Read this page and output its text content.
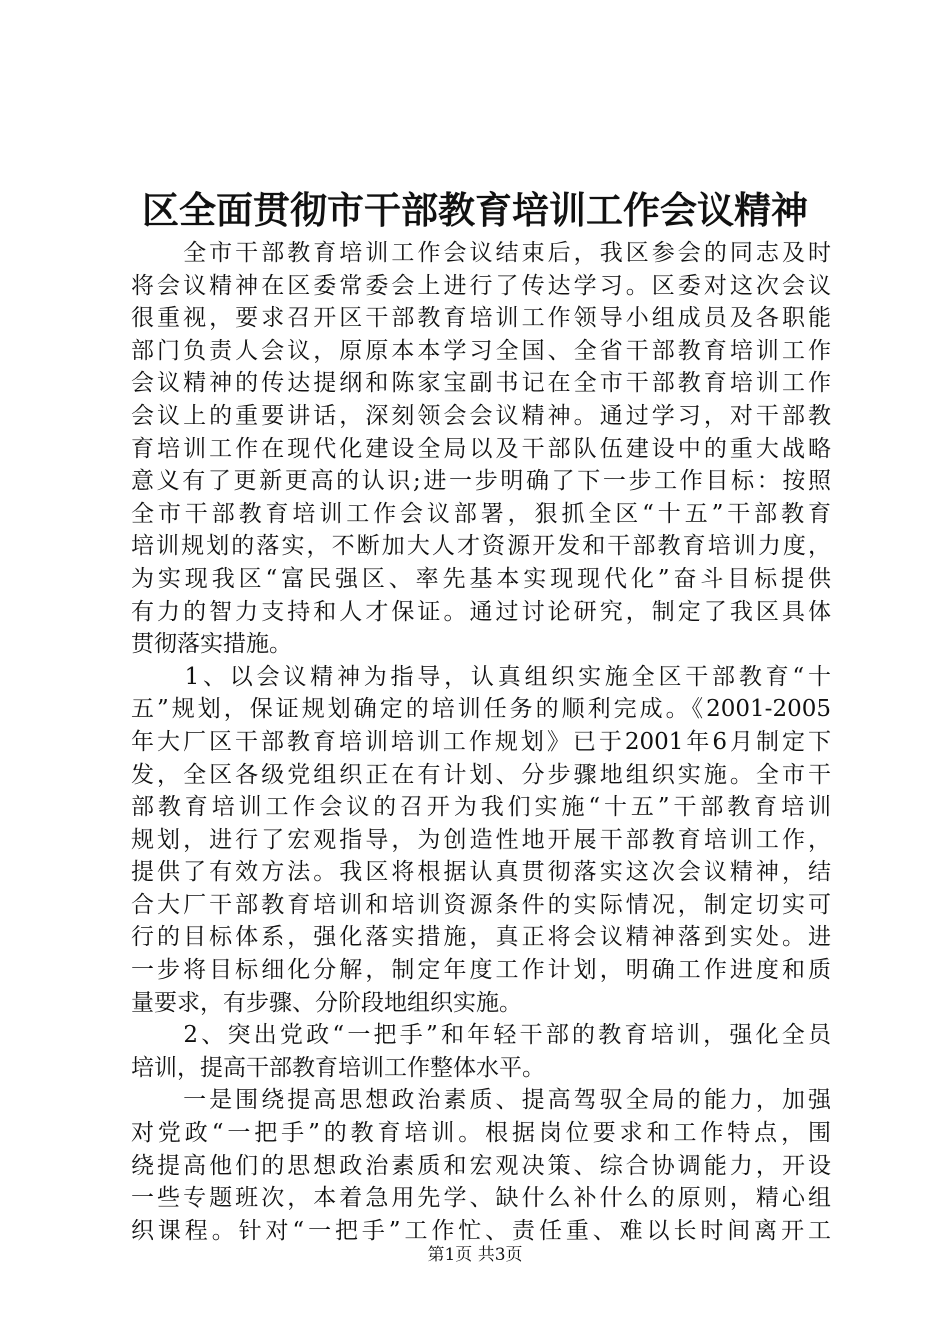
区全面贯彻市干部教育培训工作会议精神
　　全市干部教育培训工作会议结束后，我区参会的同志及时
将会议精神在区委常委会上进行了传达学习。区委对这次会议
很重视，要求召开区干部教育培训工作领导小组成员及各职能
部门负责人会议，原原本本学习全国、全省干部教育培训工作
会议精神的传达提纲和陈家宝副书记在全市干部教育培训工作
会议上的重要讲话，深刻领会会议精神。通过学习，对干部教
育培训工作在现代化建设全局以及干部队伍建设中的重大战略
意义有了更新更高的认识;进一步明确了下一步工作目标：按照
全市干部教育培训工作会议部署，狠抓全区“十五”干部教育
培训规划的落实，不断加大人才资源开发和干部教育培训力度，
为实现我区“富民强区、率先基本实现现代化”奋斗目标提供
有力的智力支持和人才保证。通过讨论研究，制定了我区具体
贯彻落实措施。
　　1、以会议精神为指导，认真组织实施全区干部教育“十
五”规划，保证规划确定的培训任务的顺利完成。《2001-2005
年大厂区干部教育培训培训工作规划》已于2001年6月制定下
发，全区各级党组织正在有计划、分步骤地组织实施。全市干
部教育培训工作会议的召开为我们实施“十五”干部教育培训
规划，进行了宏观指导，为创造性地开展干部教育培训工作，
提供了有效方法。我区将根据认真贯彻落实这次会议精神，结
合大厂干部教育培训和培训资源条件的实际情况，制定切实可
行的目标体系，强化落实措施，真正将会议精神落到实处。进
一步将目标细化分解，制定年度工作计划，明确工作进度和质
量要求，有步骤、分阶段地组织实施。
　　2、突出党政“一把手”和年轻干部的教育培训，强化全员
培训，提高干部教育培训工作整体水平。
　　一是围绕提高思想政治素质、提高驾驭全局的能力，加强
对党政“一把手”的教育培训。根据岗位要求和工作特点，围
绕提高他们的思想政治素质和宏观决策、综合协调能力，开设
一些专题班次，本着急用先学、缺什么补什么的原则，精心组
织课程。针对“一把手”工作忙、责任重、难以长时间离开工
第1页 共3页
